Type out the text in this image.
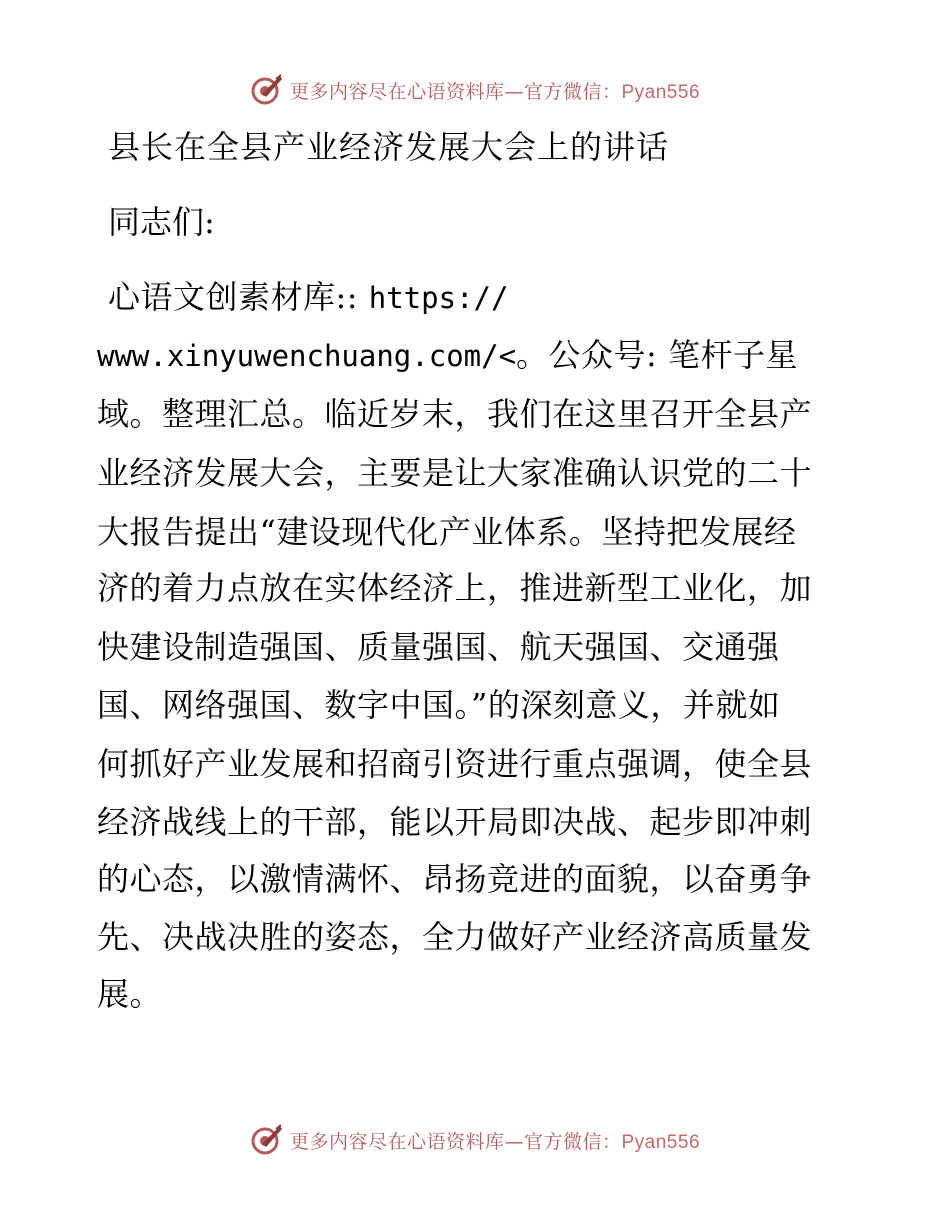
更多内容尽在心语资料库—官方微信：Pyan556
县长在全县产业经济发展大会上的讲话
同志们:
心语文创素材库:: https://
www.xinyuwenchuang.com/<。公众号: 笔杆子星
域。整理汇总。临近岁末，我们在这里召开全县产
业经济发展大会，主要是让大家准确认识党的二十
大报告提出“建设现代化产业体系。坚持把发展经
济的着力点放在实体经济上，推进新型工业化，加
快建设制造强国、质量强国、航天强国、交通强
国、网络强国、数字中国。”的深刻意义，并就如
何抓好产业发展和招商引资进行重点强调，使全县
经济战线上的干部，能以开局即决战、起步即冲刺
的心态，以激情满怀、昂扬竞进的面貌，以奋勇争
先、决战决胜的姿态，全力做好产业经济高质量发
展。
更多内容尽在心语资料库—官方微信：Pyan556
